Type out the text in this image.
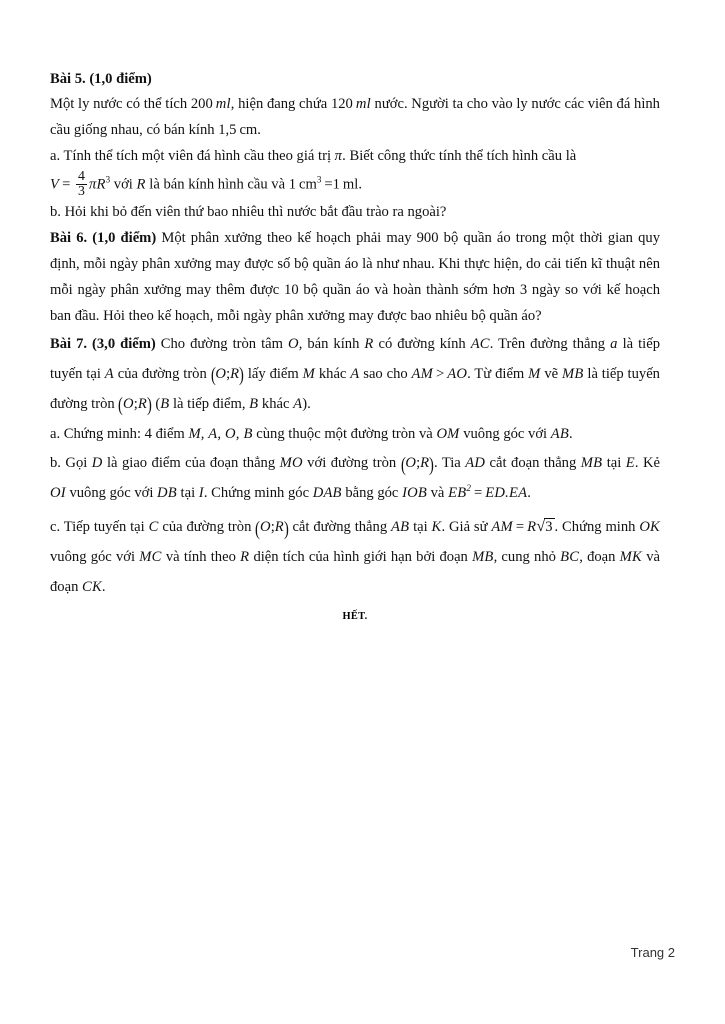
Bài 5. (1,0 điểm)

Một ly nước có thể tích 200 ml, hiện đang chứa 120 ml nước. Người ta cho vào ly nước các viên đá hình cầu giống nhau, có bán kính 1,5 cm.

a. Tính thể tích một viên đá hình cầu theo giá trị π. Biết công thức tính thể tích hình cầu là

$V = \frac{4}{3} \pi R^3$ với R là bán kính hình cầu và 1 $cm^3 =1$ ml.

b. Hỏi khi bỏ đến viên thứ bao nhiêu thì nước bắt đầu trào ra ngoài?

Bài 6. (1,0 điểm) Một phân xưởng theo kế hoạch phải may 900 bộ quần áo trong một thời gian quy định, mỗi ngày phân xưởng may được số bộ quần áo là như nhau. Khi thực hiện, do cải tiến kĩ thuật nên mỗi ngày phân xưởng may thêm được 10 bộ quần áo và hoàn thành sớm hơn 3 ngày so với kế hoạch ban đầu. Hỏi theo kế hoạch, mỗi ngày phân xưởng may được bao nhiêu bộ quần áo?

Bài 7. (3,0 điểm) Cho đường tròn tâm O, bán kính R có đường kính AC. Trên đường thẳng a là tiếp tuyến tại A của đường tròn (O;R) lấy điểm M khác A sao cho AM > AO. Từ điểm M vẽ MB là tiếp tuyến đường tròn (O;R) (B là tiếp điểm, B khác A).

a. Chứng minh: 4 điểm M, A, O, B cùng thuộc một đường tròn và OM vuông góc với AB.

b. Gọi D là giao điểm của đoạn thẳng MO với đường tròn (O;R). Tia AD cắt đoạn thẳng MB tại E. Kẻ OI vuông góc với DB tại I. Chứng minh góc DAB bằng góc IOB và $EB^2 = ED.EA$.

c. Tiếp tuyến tại C của đường tròn (O;R) cắt đường thẳng AB tại K. Giả sử AM = R√3 . Chứng minh OK vuông góc với MC và tính theo R diện tích của hình giới hạn bởi đoạn MB, cung nhỏ BC, đoạn MK và đoạn CK.

HẾT.
Trang 2
